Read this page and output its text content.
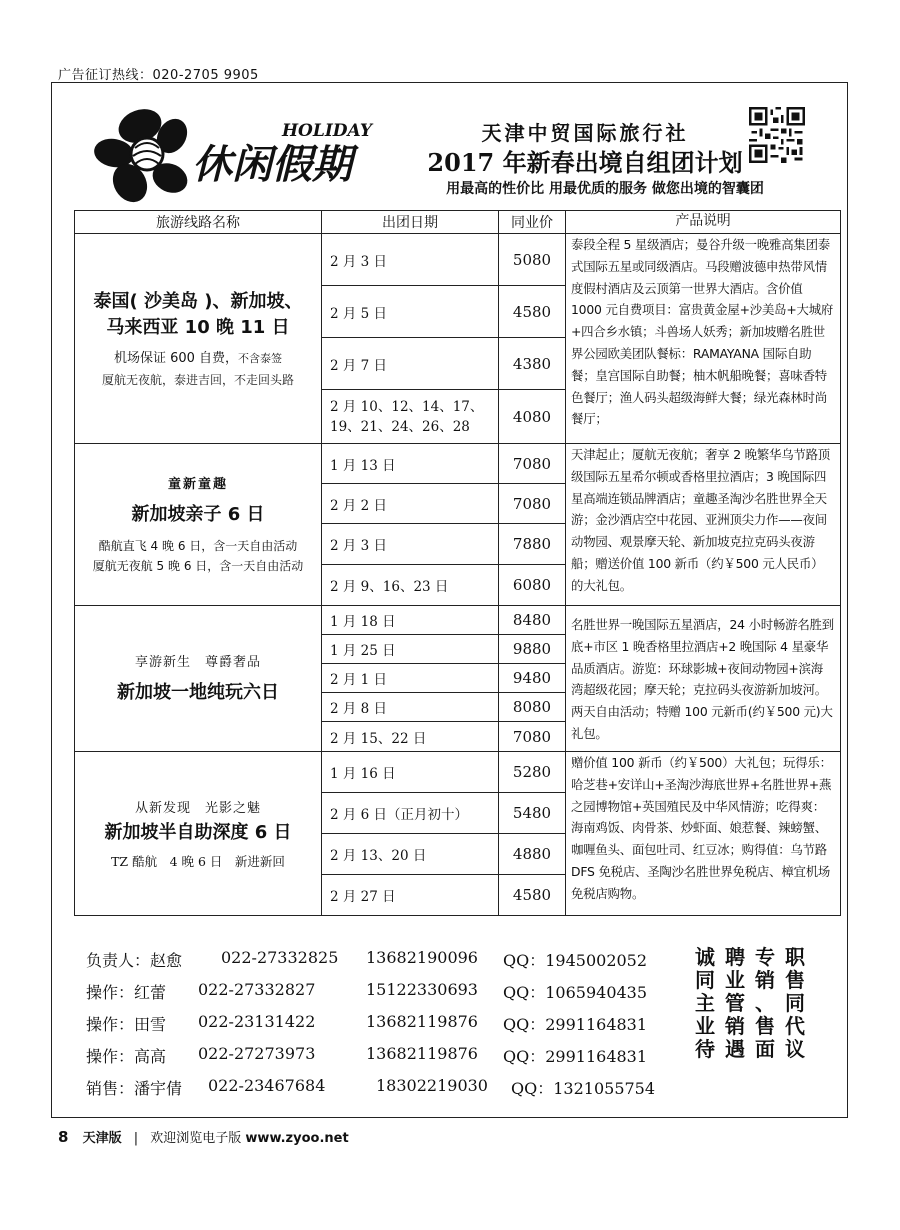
广告征订热线：020-2705 9905
HOLIDAY
休闲假期
天津中贸国际旅行社
2017 年新春出境自组团计划
用最高的性价比 用最优质的服务 做您出境的智囊团
旅游线路名称	出团日期	同业价	产品说明

泰国( 沙美岛 )、新加坡、
马来西亚 10 晚 11 日
机场保证 600 自费，不含泰签
厦航无夜航，泰进吉回，不走回头路	2 月 3 日	5080	泰段全程 5 星级酒店；曼谷升级一晚雅高集团泰式国际五星或同级酒店。马段赠波德申热带风情度假村酒店及云顶第一世界大酒店。含价值 1000 元自费项目：富贵黄金屋+沙美岛+大城府+四合乡水镇；斗兽场人妖秀；新加坡赠名胜世界公园欧美团队餐标：RAMAYANA 国际自助餐；皇宫国际自助餐；柚木帆船晚餐；喜味香特色餐厅；渔人码头超级海鲜大餐；绿光森林时尚餐厅；
	2 月 5 日	4580	
	2 月 7 日	4380	
	2 月 10、12、14、17、19、21、24、26、28	4080	

童新童趣
新加坡亲子 6 日
酷航直飞 4 晚 6 日，含一天自由活动
厦航无夜航 5 晚 6 日，含一天自由活动	1 月 13 日	7080	天津起止；厦航无夜航；奢享 2 晚繁华乌节路顶级国际五星希尔顿或香格里拉酒店；3 晚国际四星高端连锁品牌酒店；童趣圣淘沙名胜世界全天游；金沙酒店空中花园、亚洲顶尖力作——夜间动物园、观景摩天轮、新加坡克拉克码头夜游船；赠送价值 100 新币（约￥500 元人民币）的大礼包。
	2 月 2 日	7080	
	2 月 3 日	7880	
	2 月 9、16、23 日	6080	

享游新生　尊爵奢品
新加坡一地纯玩六日	1 月 18 日	8480	名胜世界一晚国际五星酒店，24 小时畅游名胜到底+市区 1 晚香格里拉酒店+2 晚国际 4 星豪华品质酒店。游览：环球影城+夜间动物园+滨海湾超级花园；摩天轮；克拉码头夜游新加坡河。两天自由活动；特赠 100 元新币(约￥500 元)大礼包。
	1 月 25 日	9880	
	2 月 1 日	9480	
	2 月 8 日	8080	
	2 月 15、22 日	7080	

从新发现　光影之魅
新加坡半自助深度 6 日
TZ 酷航　4 晚 6 日　新进新回	1 月 16 日	5280	赠价值 100 新币（约￥500）大礼包；玩得乐：哈芝巷+安详山+圣淘沙海底世界+名胜世界+燕之园博物馆+英国殖民及中华风情游；吃得爽：海南鸡饭、肉骨茶、炒虾面、娘惹餐、辣螃蟹、咖喱鱼头、面包吐司、红豆冰；购得值：乌节路 DFS 免税店、圣陶沙名胜世界免税店、樟宜机场免税店购物。
	2 月 6 日（正月初十）	5480	
	2 月 13、20 日	4880	
	2 月 27 日	4580	
负责人：赵愈 022-27332825 13682190096 QQ：1945002052
操作：红蕾 022-27332827	15122330693 QQ：1065940435
操作：田雪 022-23131422	13682119876 QQ：2991164831
操作：高高 022-27273973	13682119876 QQ：2991164831
销售：潘宇倩 022-23467684	18302219030 QQ：1321055754
诚
同
主
业
待
聘
业
管
销
遇
专
销
、
售
面
职
售
同
代
议
8 天津版 | 欢迎浏览电子版 www.zyoo.net
